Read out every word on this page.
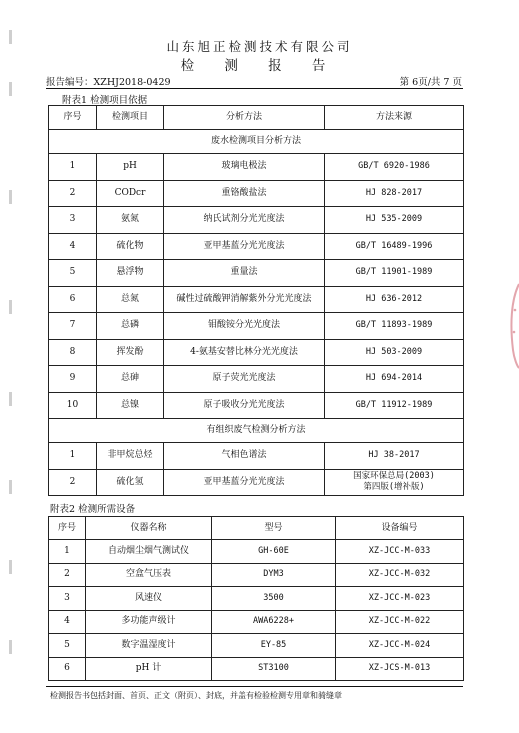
山东旭正检测技术有限公司
检 测 报 告
报告编号：XZHJ2018-0429	第 6页/共 7 页
附表1 检测项目依据
序号	检测项目	分析方法	方法来源
废水检测项目分析方法			
1	pH	玻璃电极法	GB/T 6920-1986
2	CODcr	重铬酸盐法	HJ 828-2017
3	氨氮	纳氏试剂分光光度法	HJ 535-2009
4	硫化物	亚甲基蓝分光光度法	GB/T 16489-1996
5	悬浮物	重量法	GB/T 11901-1989
6	总氮	碱性过硫酸钾消解紫外分光光度法	HJ 636-2012
7	总磷	钼酸铵分光光度法	GB/T 11893-1989
8	挥发酚	4-氨基安替比林分光光度法	HJ 503-2009
9	总砷	原子荧光光度法	HJ 694-2014
10	总镍	原子吸收分光光度法	GB/T 11912-1989
有组织废气检测分析方法			
1	非甲烷总烃	气相色谱法	HJ 38-2017
2	硫化氢	亚甲基蓝分光光度法	国家环保总局(2003)
第四版(增补版)
附表2 检测所需设备
序号	仪器名称	型号	设备编号
1	自动烟尘烟气测试仪	GH-60E	XZ-JCC-M-033
2	空盒气压表	DYM3	XZ-JCC-M-032
3	风速仪	3500	XZ-JCC-M-023
4	多功能声级计	AWA6228+	XZ-JCC-M-022
5	数字温湿度计	EY-85	XZ-JCC-M-024
6	pH 计	ST3100	XZ-JCS-M-013
检测报告书包括封面、首页、正文（附页）、封底，并盖有检验检测专用章和骑缝章
